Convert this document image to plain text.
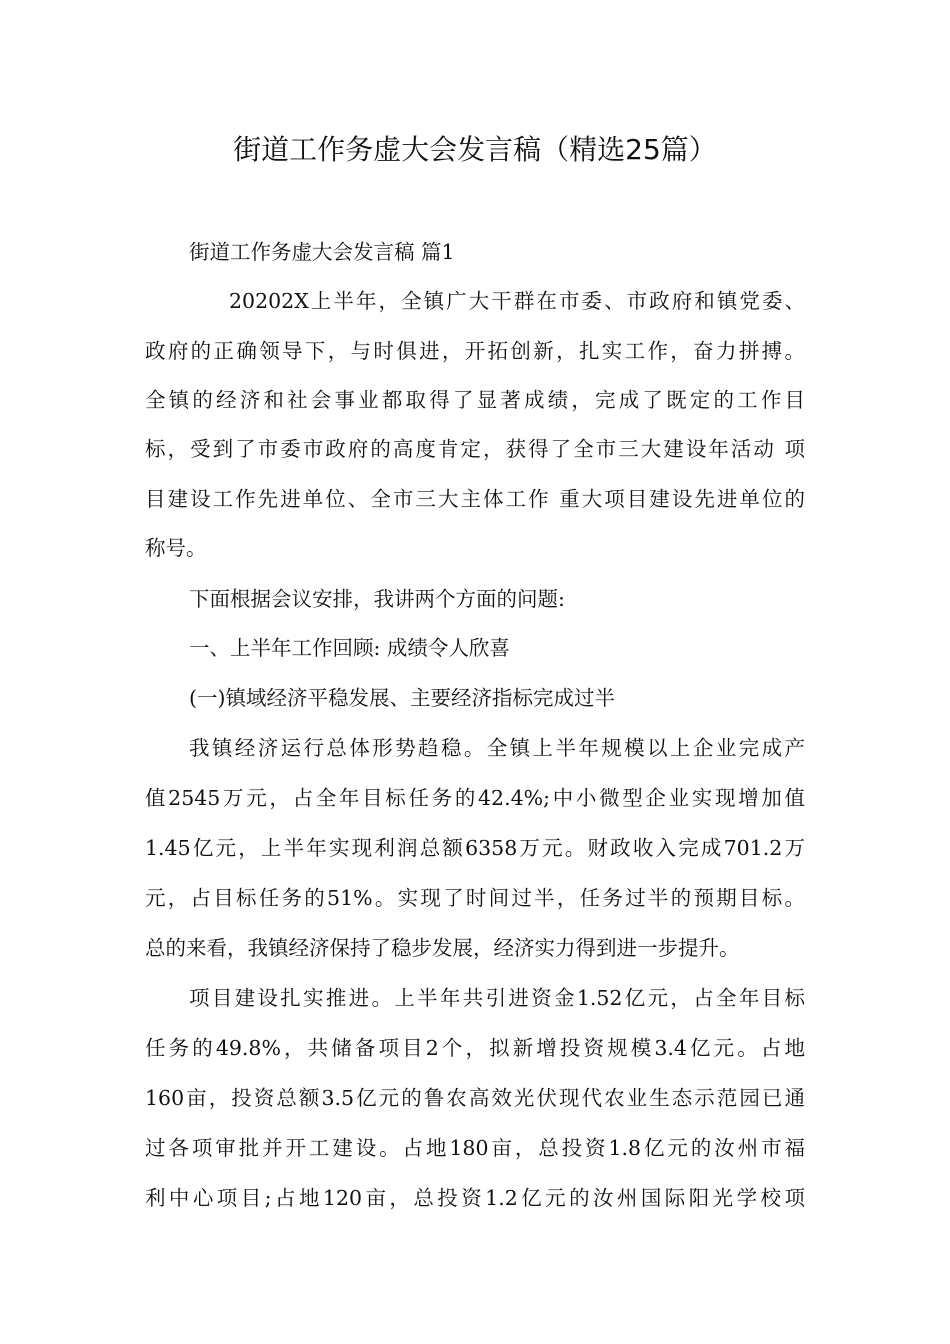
街道工作务虚大会发言稿（精选25篇）
街道工作务虚大会发言稿 篇1
20202X上半年，全镇广大干群在市委、市政府和镇党委、
政府的正确领导下，与时俱进，开拓创新，扎实工作，奋力拼搏。
全镇的经济和社会事业都取得了显著成绩，完成了既定的工作目
标，受到了市委市政府的高度肯定，获得了全市三大建设年活动 项
目建设工作先进单位、全市三大主体工作 重大项目建设先进单位的
称号。
下面根据会议安排，我讲两个方面的问题:
一、上半年工作回顾: 成绩令人欣喜
(一)镇域经济平稳发展、主要经济指标完成过半
我镇经济运行总体形势趋稳。全镇上半年规模以上企业完成产
值2545万元，占全年目标任务的42.4%;中小微型企业实现增加值
1.45亿元，上半年实现利润总额6358万元。财政收入完成701.2万
元，占目标任务的51%。实现了时间过半，任务过半的预期目标。
总的来看，我镇经济保持了稳步发展，经济实力得到进一步提升。
项目建设扎实推进。上半年共引进资金1.52亿元，占全年目标
任务的49.8%，共储备项目2个，拟新增投资规模3.4亿元。占地
160亩，投资总额3.5亿元的鲁农高效光伏现代农业生态示范园已通
过各项审批并开工建设。占地180亩，总投资1.8亿元的汝州市福
利中心项目;占地120亩，总投资1.2亿元的汝州国际阳光学校项
